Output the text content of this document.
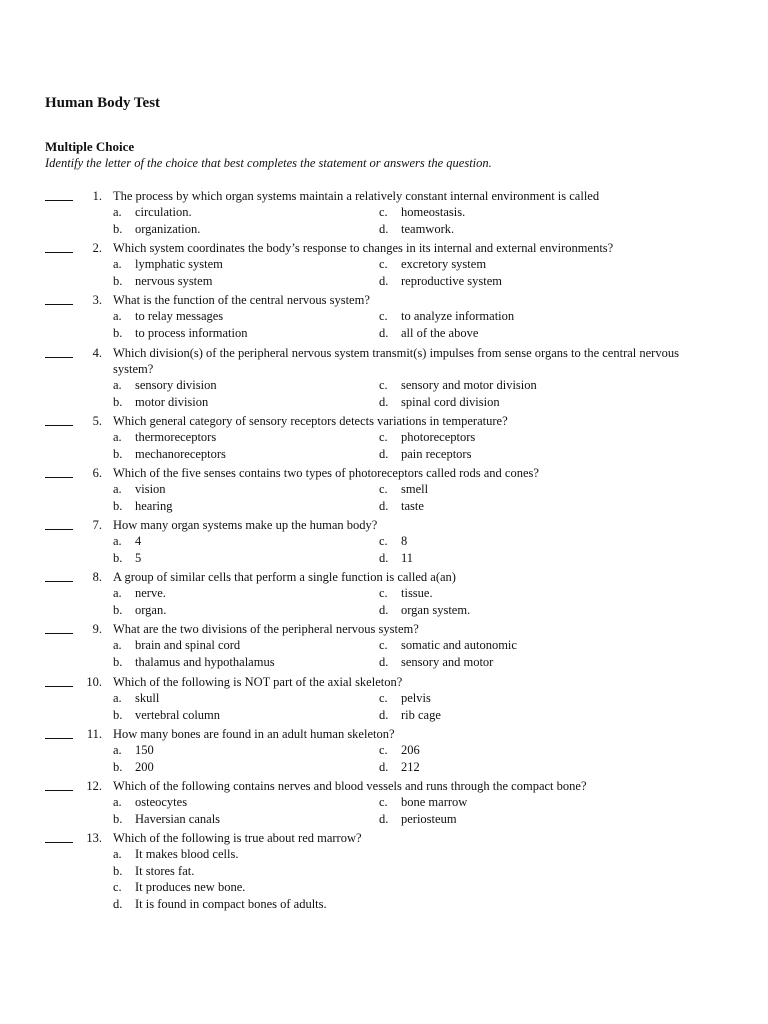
Human Body Test
Multiple Choice
Identify the letter of the choice that best completes the statement or answers the question.
1. The process by which organ systems maintain a relatively constant internal environment is called
a. circulation.
b. organization.
c. homeostasis.
d. teamwork.
2. Which system coordinates the body’s response to changes in its internal and external environments?
a. lymphatic system
b. nervous system
c. excretory system
d. reproductive system
3. What is the function of the central nervous system?
a. to relay messages
b. to process information
c. to analyze information
d. all of the above
4. Which division(s) of the peripheral nervous system transmit(s) impulses from sense organs to the central nervous system?
a. sensory division
b. motor division
c. sensory and motor division
d. spinal cord division
5. Which general category of sensory receptors detects variations in temperature?
a. thermoreceptors
b. mechanoreceptors
c. photoreceptors
d. pain receptors
6. Which of the five senses contains two types of photoreceptors called rods and cones?
a. vision
b. hearing
c. smell
d. taste
7. How many organ systems make up the human body?
a. 4
b. 5
c. 8
d. 11
8. A group of similar cells that perform a single function is called a(an)
a. nerve.
b. organ.
c. tissue.
d. organ system.
9. What are the two divisions of the peripheral nervous system?
a. brain and spinal cord
b. thalamus and hypothalamus
c. somatic and autonomic
d. sensory and motor
10. Which of the following is NOT part of the axial skeleton?
a. skull
b. vertebral column
c. pelvis
d. rib cage
11. How many bones are found in an adult human skeleton?
a. 150
b. 200
c. 206
d. 212
12. Which of the following contains nerves and blood vessels and runs through the compact bone?
a. osteocytes
b. Haversian canals
c. bone marrow
d. periosteum
13. Which of the following is true about red marrow?
a. It makes blood cells.
b. It stores fat.
c. It produces new bone.
d. It is found in compact bones of adults.
